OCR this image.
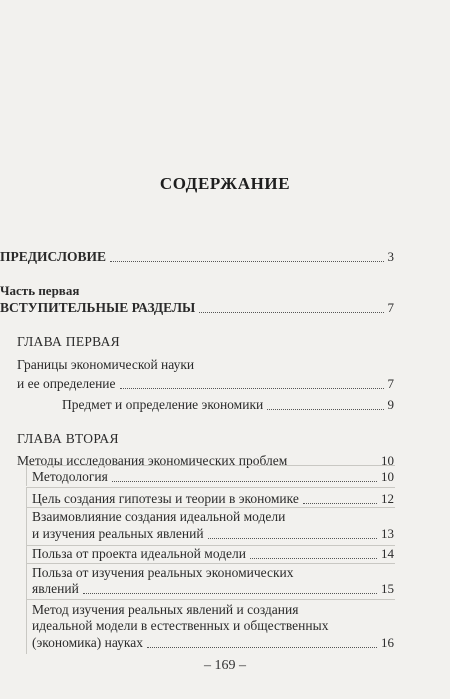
СОДЕРЖАНИЕ
ПРЕДИСЛОВИЕ	3
Часть первая
ВСТУПИТЕЛЬНЫЕ РАЗДЕЛЫ	7
ГЛАВА ПЕРВАЯ
Границы экономической науки
и ее определение	7
Предмет и определение экономики	9
ГЛАВА ВТОРАЯ
Методы исследования экономических проблем	10
Методология	10
Цель создания гипотезы и теории в экономике	12
Взаимовлияние создания идеальной модели
и изучения реальных явлений	13
Польза от проекта идеальной модели	14
Польза от изучения реальных экономических
явлений	15
Метод изучения реальных явлений и создания
идеальной модели в естественных и общественных
(экономика) науках	16
– 169 –
